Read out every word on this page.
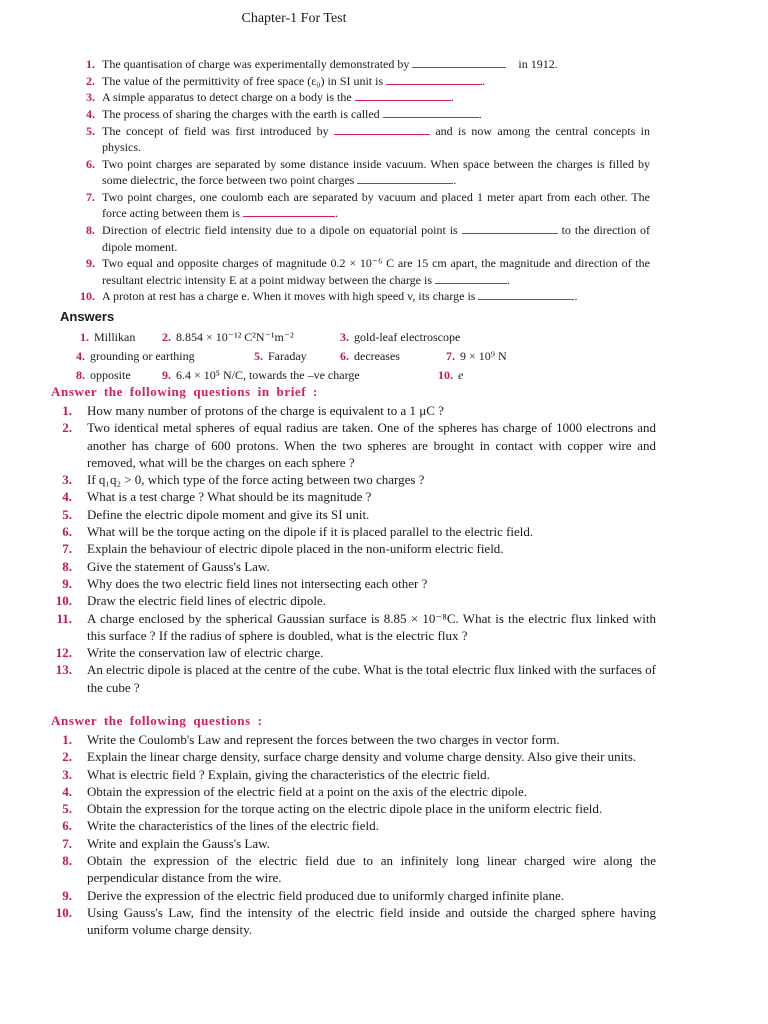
Chapter-1 For Test
1. The quantisation of charge was experimentally demonstrated by	in 1912.
2. The value of the permittivity of free space (ε₀) in SI unit is	.
3. A simple apparatus to detect charge on a body is the	.
4. The process of sharing the charges with the earth is called	.
5. The concept of field was first introduced by	and is now among the central concepts in physics.
6. Two point charges are separated by some distance inside vacuum. When space between the charges is filled by some dielectric, the force between two point charges	.
7. Two point charges, one coulomb each are separated by vacuum and placed 1 meter apart from each other. The force acting between them is	.
8. Direction of electric field intensity due to a dipole on equatorial point is	to the direction of dipole moment.
9. Two equal and opposite charges of magnitude 0.2 × 10⁻⁶ C are 15 cm apart, the magnitude and direction of the resultant electric intensity E at a point midway between the charge is	.
10. A proton at rest has a charge e. When it moves with high speed v, its charge is	.
Answers
1. Millikan 2. 8.854 × 10⁻¹² C²N⁻¹m⁻²	3. gold-leaf electroscope
4. grounding or earthing	5. Faraday	6. decreases	7. 9 × 10⁹ N
8. opposite	9. 6.4 × 10⁵ N/C, towards the –ve charge	10. e
Answer the following questions in brief :
1.	How many number of protons of the charge is equivalent to a 1 μC ?
2.	Two identical metal spheres of equal radius are taken. One of the spheres has charge of 1000 electrons and another has charge of 600 protons. When the two spheres are brought in contact with copper wire and removed, what will be the charges on each sphere ?
3.	If q₁q₂ > 0, which type of the force acting between two charges ?
4.	What is a test charge ? What should be its magnitude ?
5.	Define the electric dipole moment and give its SI unit.
6.	What will be the torque acting on the dipole if it is placed parallel to the electric field.
7.	Explain the behaviour of electric dipole placed in the non-uniform electric field.
8.	Give the statement of Gauss's Law.
9.	Why does the two electric field lines not intersecting each other ?
10.	Draw the electric field lines of electric dipole.
11.	A charge enclosed by the spherical Gaussian surface is 8.85 × 10⁻⁸C. What is the electric flux linked with this surface ? If the radius of sphere is doubled, what is the electric flux ?
12.	Write the conservation law of electric charge.
13.	An electric dipole is placed at the centre of the cube. What is the total electric flux linked with the surfaces of the cube ?
Answer the following questions :
1.	Write the Coulomb's Law and represent the forces between the two charges in vector form.
2.	Explain the linear charge density, surface charge density and volume charge density. Also give their units.
3.	What is electric field ? Explain, giving the characteristics of the electric field.
4.	Obtain the expression of the electric field at a point on the axis of the electric dipole.
5.	Obtain the expression for the torque acting on the electric dipole place in the uniform electric field.
6.	Write the characteristics of the lines of the electric field.
7.	Write and explain the Gauss's Law.
8.	Obtain the expression of the electric field due to an infinitely long linear charged wire along the perpendicular distance from the wire.
9.	Derive the expression of the electric field produced due to uniformly charged infinite plane.
10.	Using Gauss's Law, find the intensity of the electric field inside and outside the charged sphere having uniform volume charge density.
